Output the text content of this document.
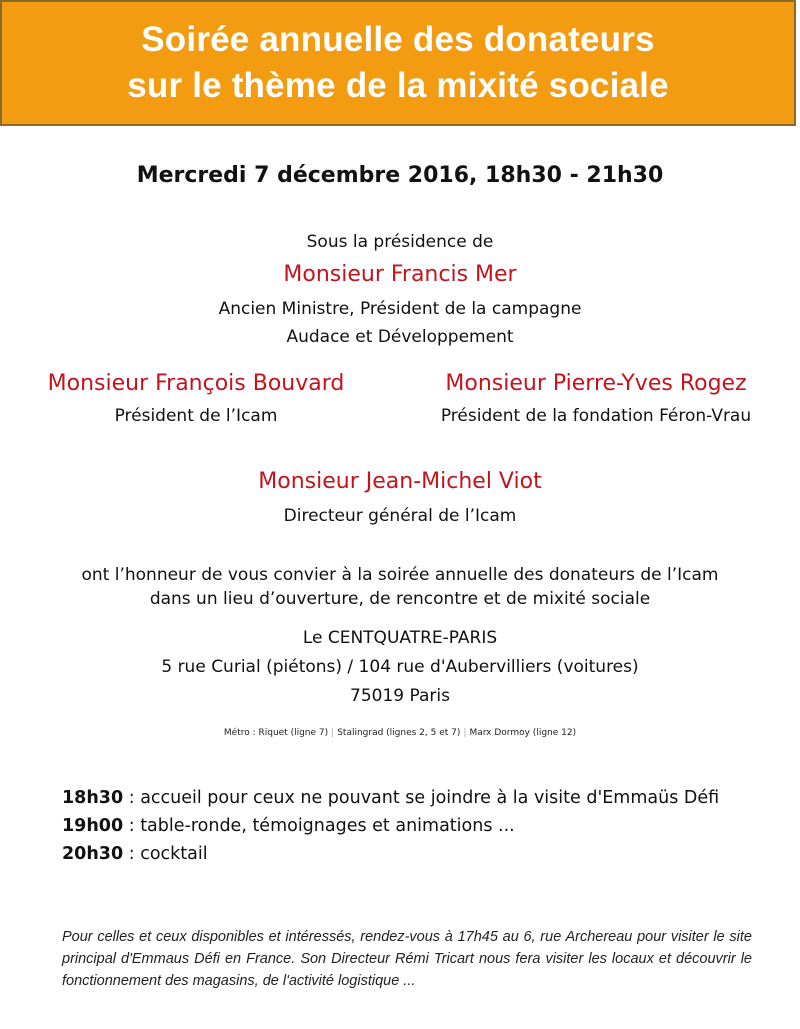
Soirée annuelle des donateurs
sur le thème de la mixité sociale
Mercredi 7 décembre 2016, 18h30 - 21h30
Sous la présidence de
Monsieur Francis Mer
Ancien Ministre, Président de la campagne
Audace et Développement
Monsieur François Bouvard
Président de l’Icam
Monsieur Pierre-Yves Rogez
Président de la fondation Féron-Vrau
Monsieur Jean-Michel Viot
Directeur général de l’Icam
ont l’honneur de vous convier à la soirée annuelle des donateurs de l’Icam
dans un lieu d’ouverture, de rencontre et de mixité sociale
Le CENTQUATRE-PARIS
5 rue Curial (piétons) / 104 rue d'Aubervilliers (voitures)
75019 Paris
Métro : Riquet (ligne 7) | Stalingrad (lignes 2, 5 et 7) | Marx Dormoy (ligne 12)
18h30 : accueil pour ceux ne pouvant se joindre à la visite d'Emmaüs Défi
19h00 : table-ronde, témoignages et animations ...
20h30 : cocktail
Pour celles et ceux disponibles et intéressés, rendez-vous à 17h45 au 6, rue Archereau pour visiter le site principal d'Emmaus Défi en France. Son Directeur Rémi Tricart nous fera visiter les locaux et découvrir le fonctionnement des magasins, de l'activité logistique ...
